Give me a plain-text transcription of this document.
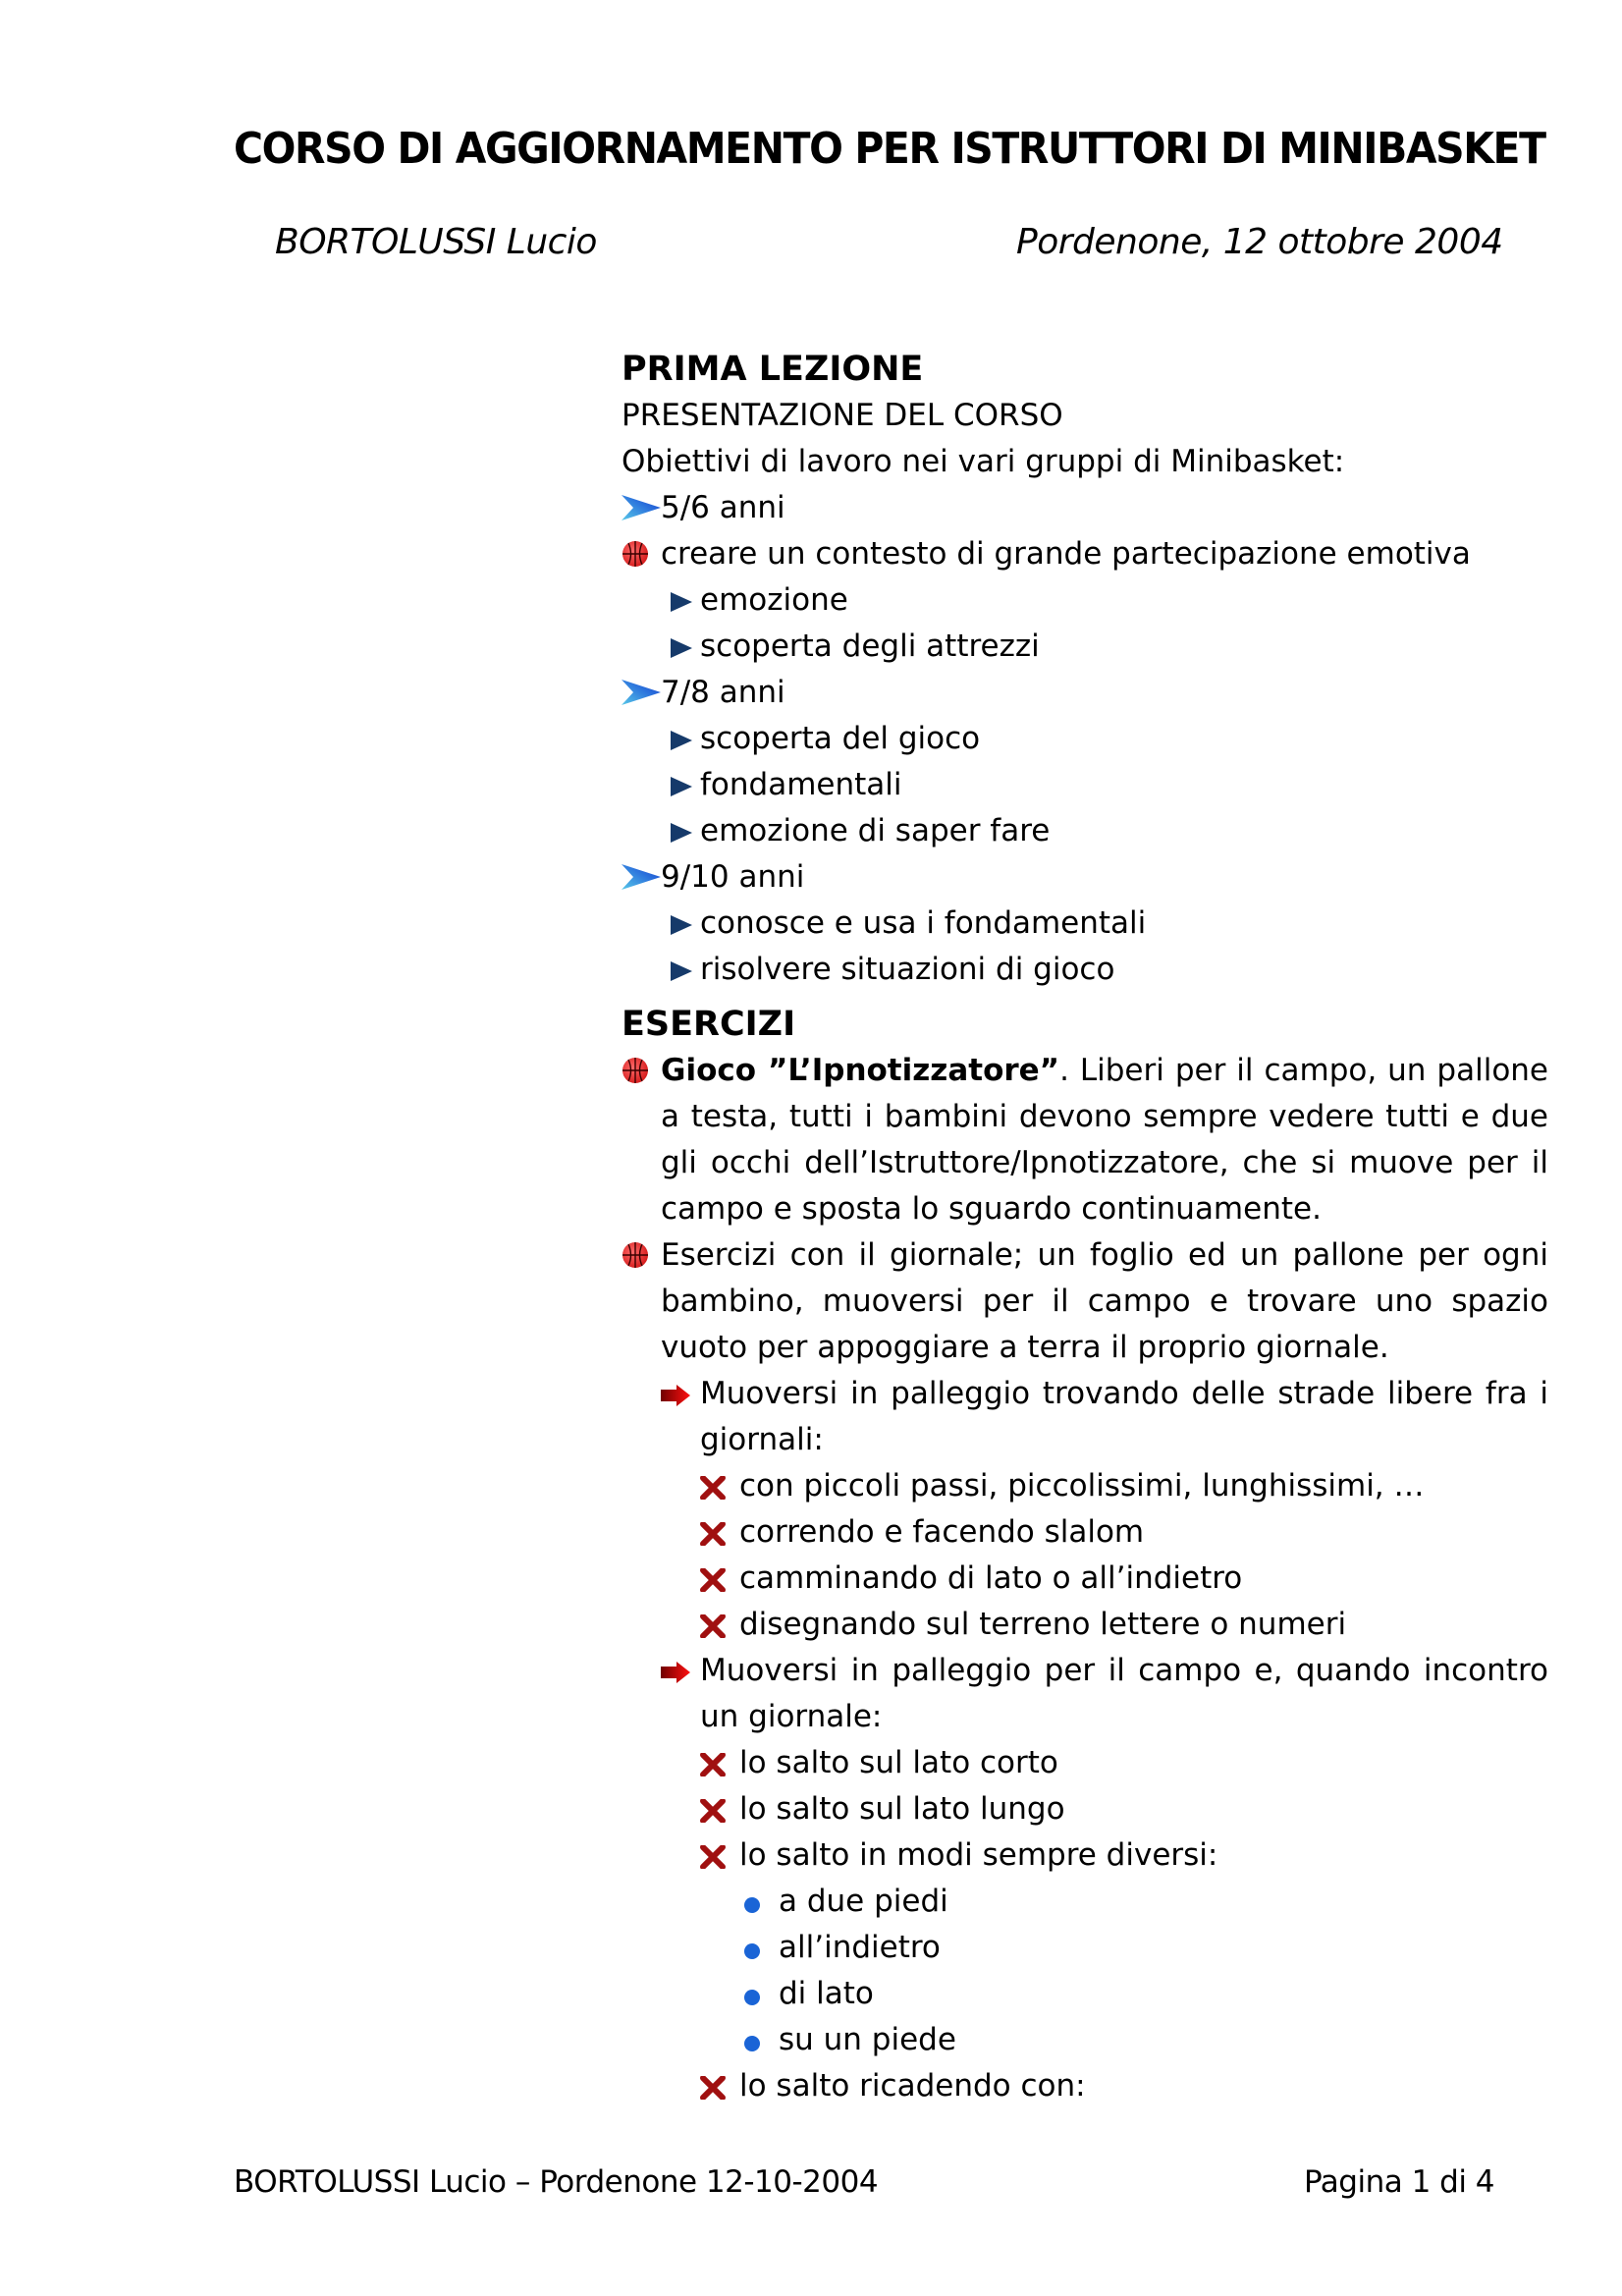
CORSO DI AGGIORNAMENTO PER ISTRUTTORI DI MINIBASKET
BORTOLUSSI Lucio	Pordenone, 12 ottobre 2004
PRIMA LEZIONE
PRESENTAZIONE DEL CORSO
Obiettivi di lavoro nei vari gruppi di Minibasket:
5/6 anni
creare un contesto di grande partecipazione emotiva
emozione
scoperta degli attrezzi
7/8 anni
scoperta del gioco
fondamentali
emozione di saper fare
9/10 anni
conosce e usa i fondamentali
risolvere situazioni di gioco
ESERCIZI
Gioco ”L’Ipnotizzatore”. Liberi per il campo, un pallone a testa, tutti i bambini devono sempre vedere tutti e due gli occhi dell’Istruttore/Ipnotizzatore, che si muove per il campo e sposta lo sguardo continuamente.
Esercizi con il giornale; un foglio ed un pallone per ogni bambino, muoversi per il campo e trovare uno spazio vuoto per appoggiare a terra il proprio giornale.
Muoversi in palleggio trovando delle strade libere fra i giornali:
con piccoli passi, piccolissimi, lunghissimi, …
correndo e facendo slalom
camminando di lato o all’indietro
disegnando sul terreno lettere o numeri
Muoversi in palleggio per il campo e, quando incontro un giornale:
lo salto sul lato corto
lo salto sul lato lungo
lo salto in modi sempre diversi:
a due piedi
all’indietro
di lato
su un piede
lo salto ricadendo con:
BORTOLUSSI Lucio – Pordenone 12-10-2004	Pagina 1 di 4
